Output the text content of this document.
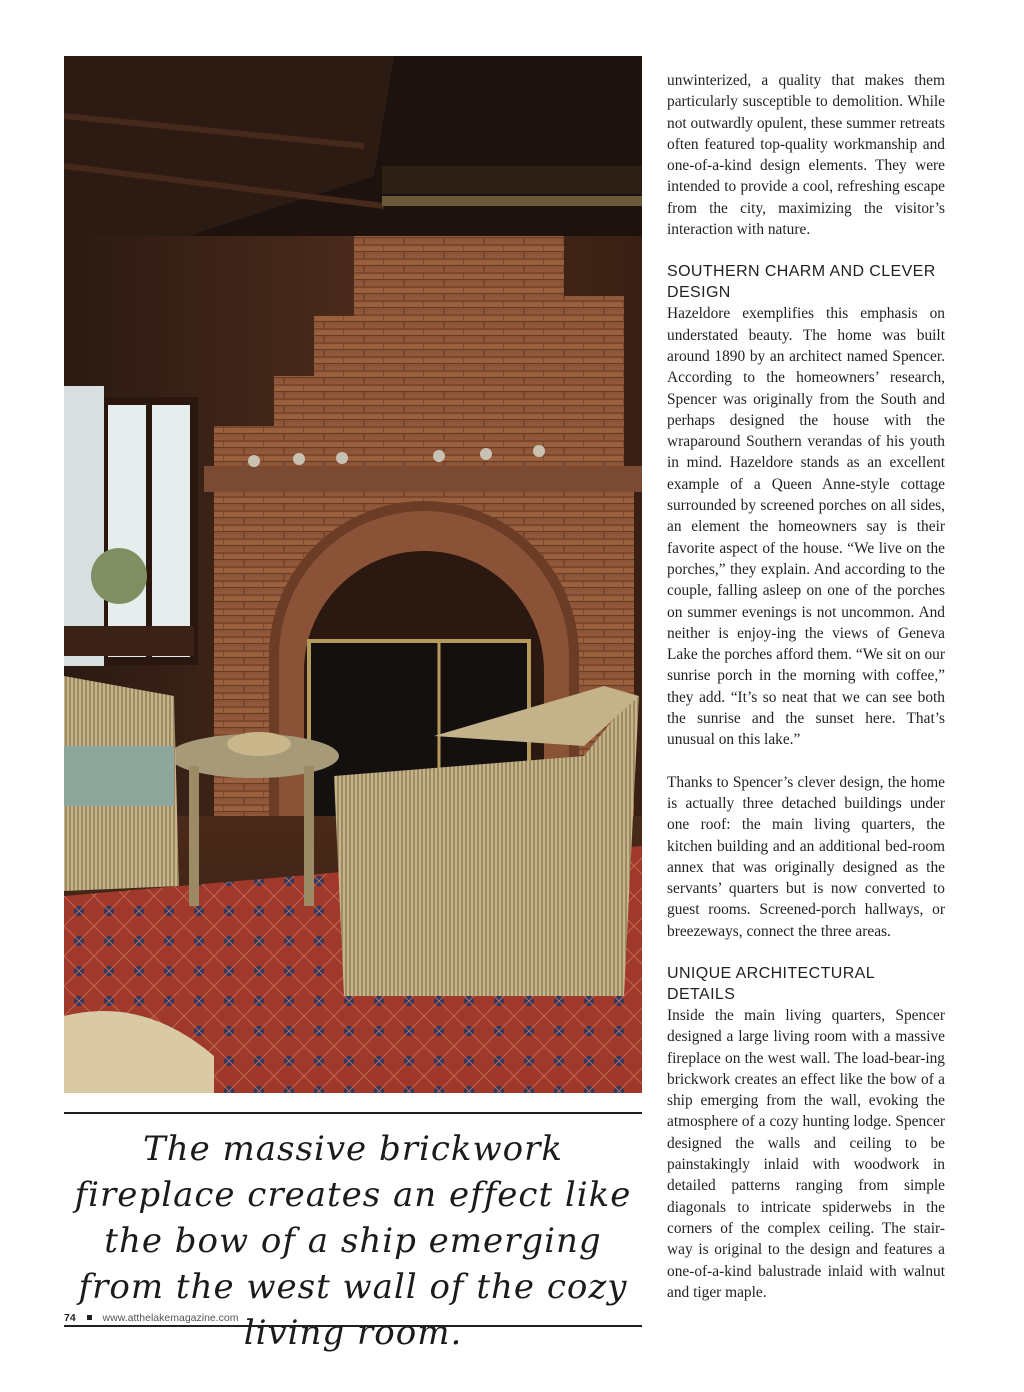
The massive brickwork fireplace creates an effect like the bow of a ship emerging from the west wall of the cozy living room.

74	www.atthelakemagazine.com

unwinterized, a quality that makes them particularly susceptible to demolition. While not outwardly opulent, these summer retreats often featured top-quality workmanship and one-of-a-kind design elements. They were intended to provide a cool, refreshing escape from the city, maximizing the visitor’s interaction with nature.

SOUTHERN CHARM AND CLEVER DESIGN

Hazeldore exemplifies this emphasis on understated beauty. The home was built around 1890 by an architect named Spencer. According to the homeowners’ research, Spencer was originally from the South and perhaps designed the house with the wraparound Southern verandas of his youth in mind. Hazeldore stands as an excellent example of a Queen Anne-style cottage surrounded by screened porches on all sides, an element the homeowners say is their favorite aspect of the house. “We live on the porches,” they explain. And according to the couple, falling asleep on one of the porches on summer evenings is not uncommon. And neither is enjoy-ing the views of Geneva Lake the porches afford them. “We sit on our sunrise porch in the morning with coffee,” they add. “It’s so neat that we can see both the sunrise and the sunset here. That’s unusual on this lake.”

Thanks to Spencer’s clever design, the home is actually three detached buildings under one roof: the main living quarters, the kitchen building and an additional bed-room annex that was originally designed as the servants’ quarters but is now converted to guest rooms. Screened-porch hallways, or breezeways, connect the three areas.

UNIQUE ARCHITECTURAL DETAILS

Inside the main living quarters, Spencer designed a large living room with a massive fireplace on the west wall. The load-bear-ing brickwork creates an effect like the bow of a ship emerging from the wall, evoking the atmosphere of a cozy hunting lodge. Spencer designed the walls and ceiling to be painstakingly inlaid with woodwork in detailed patterns ranging from simple diagonals to intricate spiderwebs in the corners of the complex ceiling. The stair-way is original to the design and features a one-of-a-kind balustrade inlaid with walnut and tiger maple.
